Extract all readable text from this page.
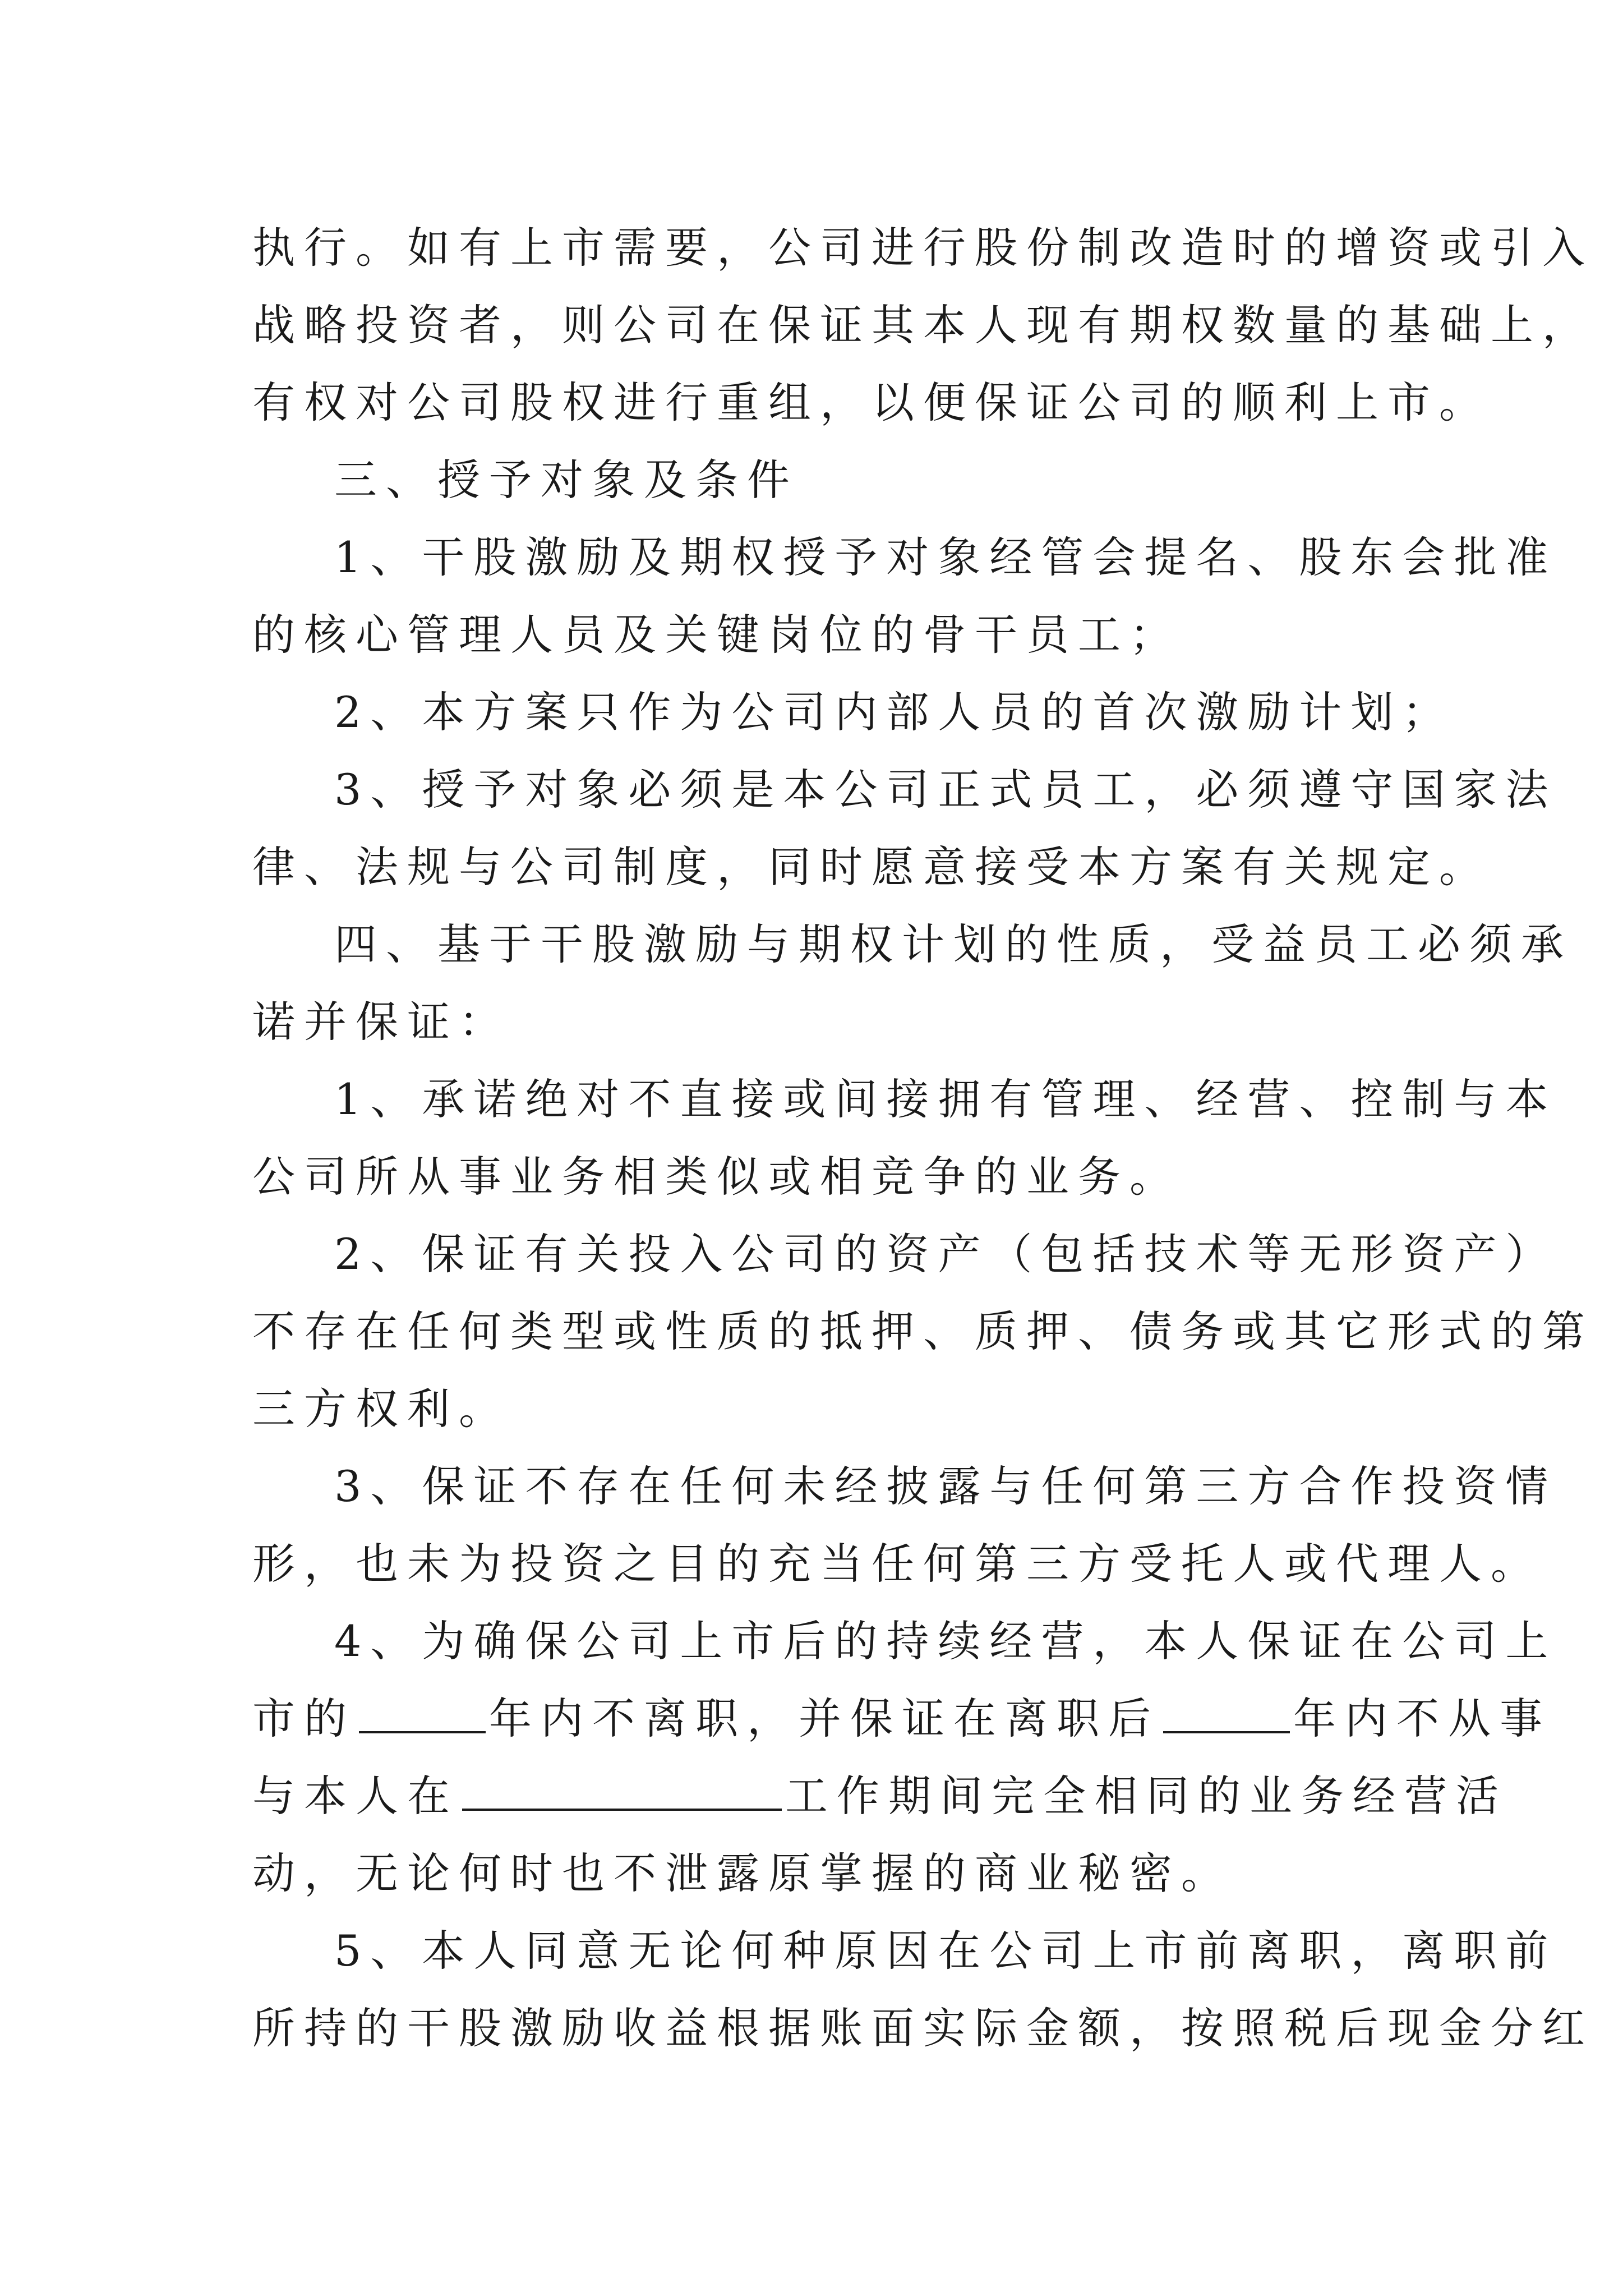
执行。如有上市需要，公司进行股份制改造时的增资或引入
战略投资者，则公司在保证其本人现有期权数量的基础上，
有权对公司股权进行重组，以便保证公司的顺利上市。
三、授予对象及条件
1、干股激励及期权授予对象经管会提名、股东会批准
的核心管理人员及关键岗位的骨干员工；
2、本方案只作为公司内部人员的首次激励计划；
3、授予对象必须是本公司正式员工，必须遵守国家法
律、法规与公司制度，同时愿意接受本方案有关规定。
四、基于干股激励与期权计划的性质，受益员工必须承
诺并保证：
1、承诺绝对不直接或间接拥有管理、经营、控制与本
公司所从事业务相类似或相竞争的业务。
2、保证有关投入公司的资产（包括技术等无形资产）
不存在任何类型或性质的抵押、质押、债务或其它形式的第
三方权利。
3、保证不存在任何未经披露与任何第三方合作投资情
形，也未为投资之目的充当任何第三方受托人或代理人。
4、为确保公司上市后的持续经营，本人保证在公司上
市的	年内不离职，并保证在离职后	年内不从事
与本人在	工作期间完全相同的业务经营活
动，无论何时也不泄露原掌握的商业秘密。
5、本人同意无论何种原因在公司上市前离职，离职前
所持的干股激励收益根据账面实际金额，按照税后现金分红
